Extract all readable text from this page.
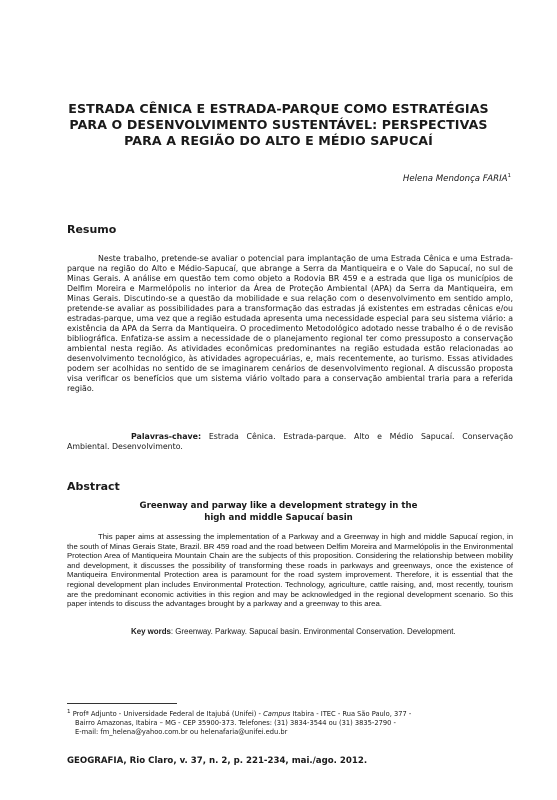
ESTRADA CÊNICA E ESTRADA-PARQUE COMO ESTRATÉGIAS
PARA O DESENVOLVIMENTO SUSTENTÁVEL: PERSPECTIVAS
PARA A REGIÃO DO ALTO E MÉDIO SAPUCAÍ
Helena Mendonça FARIA$^1$
Resumo

Neste trabalho, pretende-se avaliar o potencial para implantação de uma Estrada Cênica e uma Estrada-parque na região do Alto e Médio-Sapucaí, que abrange a Serra da Mantiqueira e o Vale do Sapucaí, no sul de Minas Gerais. A análise em questão tem como objeto a Rodovia BR 459 e a estrada que liga os municípios de Delfim Moreira e Marmelópolis no interior da Área de Proteção Ambiental (APA) da Serra da Mantiqueira, em Minas Gerais. Discutindo-se a questão da mobilidade e sua relação com o desenvolvimento em sentido amplo, pretende-se avaliar as possibilidades para a transformação das estradas já existentes em estradas cênicas e/ou estradas-parque, uma vez que a região estudada apresenta uma necessidade especial para seu sistema viário: a existência da APA da Serra da Mantiqueira. O procedimento Metodológico adotado nesse trabalho é o de revisão bibliográfica. Enfatiza-se assim a necessidade de o planejamento regional ter como pressuposto a conservação ambiental nesta região. As atividades econômicas predominantes na região estudada estão relacionadas ao desenvolvimento tecnológico, às atividades agropecuárias, e, mais recentemente, ao turismo. Essas atividades podem ser acolhidas no sentido de se imaginarem cenários de desenvolvimento regional. A discussão proposta visa verificar os benefícios que um sistema viário voltado para a conservação ambiental traria para a referida região.

Palavras-chave: Estrada Cênica. Estrada-parque. Alto e Médio Sapucaí. Conservação Ambiental. Desenvolvimento.

Abstract
Greenway and parway like a development strategy in the
high and middle Sapucaí basin

This paper aims at assessing the implementation of a Parkway and a Greenway in high and middle Sapucaí region, in the south of Minas Gerais State, Brazil. BR 459 road and the road between Delfim Moreira and Marmelópolis in the Environmental Protection Area of Mantiqueira Mountain Chain are the subjects of this proposition. Considering the relationship between mobility and development, it discusses the possibility of transforming these roads in parkways and greenways, once the existence of Mantiqueira Environmental Protection area is paramount for the road system improvement. Therefore, it is essential that the regional development plan includes Environmental Protection. Technology, agriculture, cattle raising, and, most recently, tourism are the predominant economic activities in this region and may be acknowledged in the regional development scenario. So this paper intends to discuss the advantages brought by a parkway and a greenway to this area.

Key words: Greenway. Parkway. Sapucaí basin. Environmental Conservation. Development.

$^1$ Profª Adjunto - Universidade Federal de Itajubá (Unifei) - Campus Itabira - ITEC - Rua São Paulo, 377 -
Bairro Amazonas, Itabira – MG - CEP 35900-373. Telefones: (31) 3834-3544 ou (31) 3835-2790 -
E-mail: fm_helena@yahoo.com.br ou helenafaria@unifei.edu.br
GEOGRAFIA, Rio Claro, v. 37, n. 2, p. 221-234, mai./ago. 2012.
